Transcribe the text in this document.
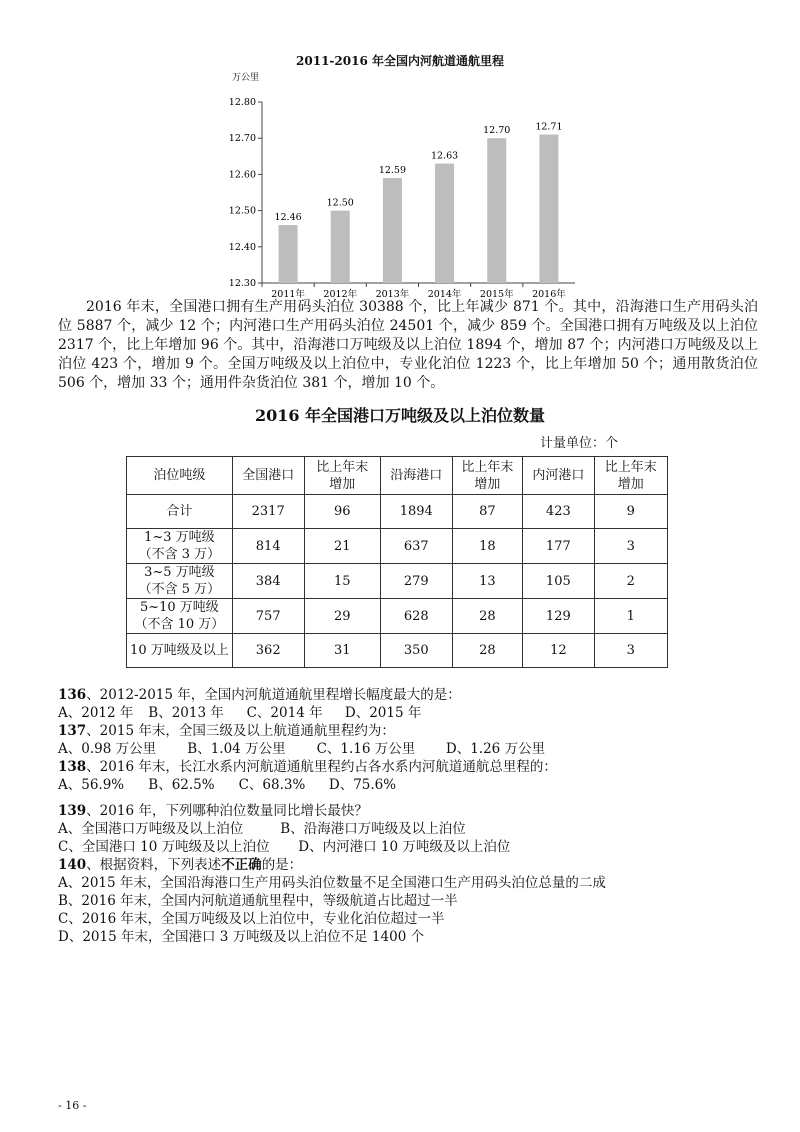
2011-2016 年全国内河航道通航里程
万公里
12.30
12.40
12.50
12.60
12.70
12.80
12.46
2011年
12.50
2012年
12.59
2013年
12.63
2014年
12.70
2015年
12.71
2016年
2016 年末，全国港口拥有生产用码头泊位 30388 个，比上年减少 871 个。其中，沿海港口生产用码头泊位 5887 个，减少 12 个；内河港口生产用码头泊位 24501 个，减少 859 个。全国港口拥有万吨级及以上泊位 2317 个，比上年增加 96 个。其中，沿海港口万吨级及以上泊位 1894 个，增加 87 个；内河港口万吨级及以上泊位 423 个，增加 9 个。全国万吨级及以上泊位中，专业化泊位 1223 个，比上年增加 50 个；通用散货泊位 506 个，增加 33 个；通用件杂货泊位 381 个，增加 10 个。
2016 年全国港口万吨级及以上泊位数量
计量单位：个
泊位吨级	全国港口	比上年末增加	沿海港口	比上年末增加	内河港口	比上年末增加

合计	2317	96	1894	87	423	9

1~3 万吨级
（不含 3 万）	814	21	637	18	177	3

3~5 万吨级
（不含 5 万）	384	15	279	13	105	2

5~10 万吨级
（不含 10 万）	757	29	628	28	129	1

10 万吨级及以上	362	31	350	28	12	3
136、2012-2015 年，全国内河航道通航里程增长幅度最大的是：
A、2012 年 B、2013 年 C、2014 年 D、2015 年
137、2015 年末，全国三级及以上航道通航里程约为：
A、0.98 万公里 B、1.04 万公里 C、1.16 万公里 D、1.26 万公里
138、2016 年末，长江水系内河航道通航里程约占各水系内河航道通航总里程的：
A、56.9% B、62.5% C、68.3% D、75.6%
139、2016 年，下列哪种泊位数量同比增长最快？
A、全国港口万吨级及以上泊位	B、沿海港口万吨级及以上泊位
C、全国港口 10 万吨级及以上泊位 D、内河港口 10 万吨级及以上泊位
140、根据资料，下列表述不正确的是：
A、2015 年末，全国沿海港口生产用码头泊位数量不足全国港口生产用码头泊位总量的二成
B、2016 年末，全国内河航道通航里程中，等级航道占比超过一半
C、2016 年末，全国万吨级及以上泊位中，专业化泊位超过一半
D、2015 年末，全国港口 3 万吨级及以上泊位不足 1400 个
- 16 -
